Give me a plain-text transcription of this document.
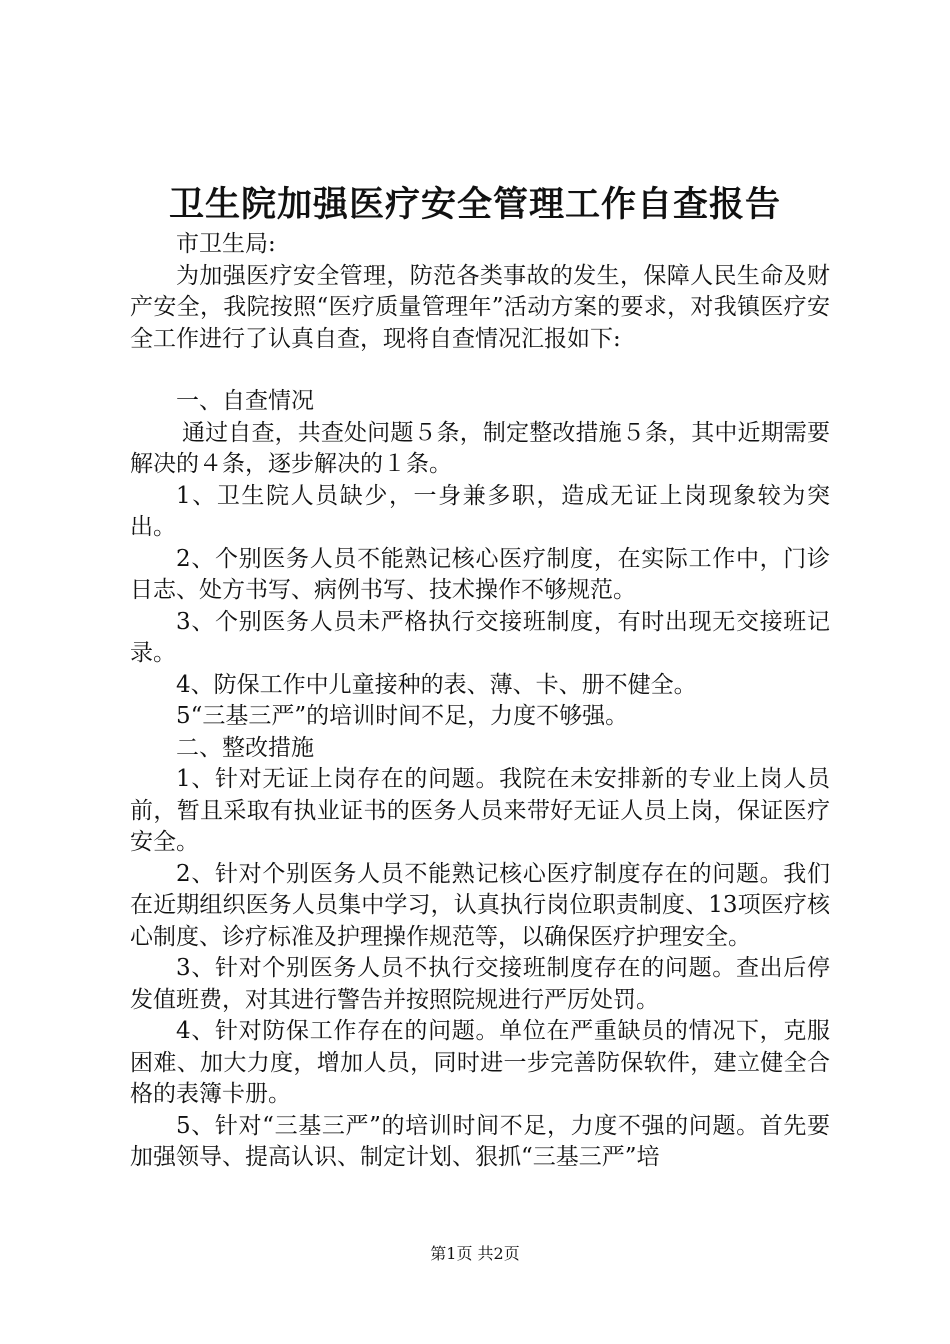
卫生院加强医疗安全管理工作自查报告

市卫生局:

为加强医疗安全管理，防范各类事故的发生，保障人民生命及财产安全，我院按照“医疗质量管理年”活动方案的要求，对我镇医疗安全工作进行了认真自查，现将自查情况汇报如下:

一、自查情况

通过自查，共查处问题５条，制定整改措施５条，其中近期需要解决的４条，逐步解决的１条。

1、卫生院人员缺少，一身兼多职，造成无证上岗现象较为突出。

2、个别医务人员不能熟记核心医疗制度，在实际工作中，门诊日志、处方书写、病例书写、技术操作不够规范。

3、个别医务人员未严格执行交接班制度，有时出现无交接班记录。

4、防保工作中儿童接种的表、薄、卡、册不健全。

5“三基三严”的培训时间不足，力度不够强。

二、整改措施

1、针对无证上岗存在的问题。我院在未安排新的专业上岗人员前，暂且采取有执业证书的医务人员来带好无证人员上岗，保证医疗安全。

2、针对个别医务人员不能熟记核心医疗制度存在的问题。我们在近期组织医务人员集中学习，认真执行岗位职责制度、13项医疗核心制度、诊疗标准及护理操作规范等，以确保医疗护理安全。

3、针对个别医务人员不执行交接班制度存在的问题。查出后停发值班费，对其进行警告并按照院规进行严厉处罚。

4、针对防保工作存在的问题。单位在严重缺员的情况下，克服困难、加大力度，增加人员，同时进一步完善防保软件，建立健全合格的表簿卡册。

5、针对“三基三严”的培训时间不足，力度不强的问题。首先要加强领导、提高认识、制定计划、狠抓“三基三严”培

第1页 共2页
